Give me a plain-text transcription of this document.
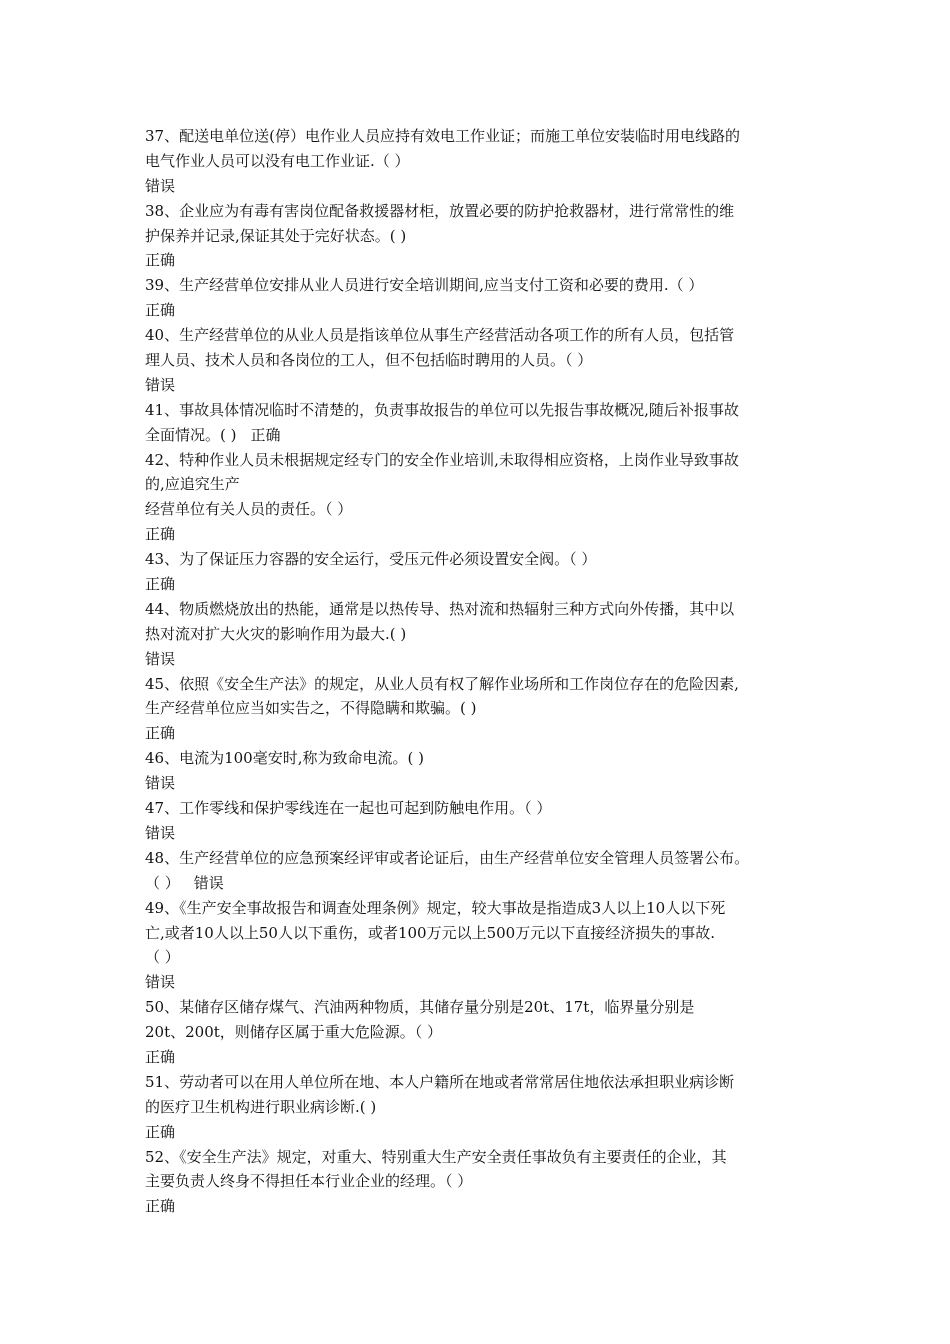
37、配送电单位送(停）电作业人员应持有效电工作业证；而施工单位安装临时用电线路的
电气作业人员可以没有电工作业证.（ ）
错误
38、企业应为有毒有害岗位配备救援器材柜，放置必要的防护抢救器材，进行常常性的维
护保养并记录,保证其处于完好状态。( )
正确
39、生产经营单位安排从业人员进行安全培训期间,应当支付工资和必要的费用.（ ）
正确
40、生产经营单位的从业人员是指该单位从事生产经营活动各项工作的所有人员，包括管
理人员、技术人员和各岗位的工人，但不包括临时聘用的人员。（ ）
错误
41、事故具体情况临时不清楚的，负责事故报告的单位可以先报告事故概况,随后补报事故
全面情况。( ) 正确
42、特种作业人员未根据规定经专门的安全作业培训,未取得相应资格，上岗作业导致事故
的,应追究生产
经营单位有关人员的责任。（ ）
正确
43、为了保证压力容器的安全运行，受压元件必须设置安全阀。（ ）
正确
44、物质燃烧放出的热能，通常是以热传导、热对流和热辐射三种方式向外传播，其中以
热对流对扩大火灾的影响作用为最大.( )
错误
45、依照《安全生产法》的规定，从业人员有权了解作业场所和工作岗位存在的危险因素,
生产经营单位应当如实告之，不得隐瞒和欺骗。( )
正确
46、电流为100毫安时,称为致命电流。( )
错误
47、工作零线和保护零线连在一起也可起到防触电作用。（ ）
错误
48、生产经营单位的应急预案经评审或者论证后，由生产经营单位安全管理人员签署公布。
（ ） 错误
49、《生产安全事故报告和调查处理条例》规定，较大事故是指造成3人以上10人以下死
亡,或者10人以上50人以下重伤，或者100万元以上500万元以下直接经济损失的事故.
（ ）
错误
50、某储存区储存煤气、汽油两种物质，其储存量分别是20t、17t，临界量分别是
20t、200t，则储存区属于重大危险源。（ ）
正确
51、劳动者可以在用人单位所在地、本人户籍所在地或者常常居住地依法承担职业病诊断
的医疗卫生机构进行职业病诊断.( )
正确
52、《安全生产法》规定，对重大、特别重大生产安全责任事故负有主要责任的企业，其
主要负责人终身不得担任本行业企业的经理。（ ）
正确
